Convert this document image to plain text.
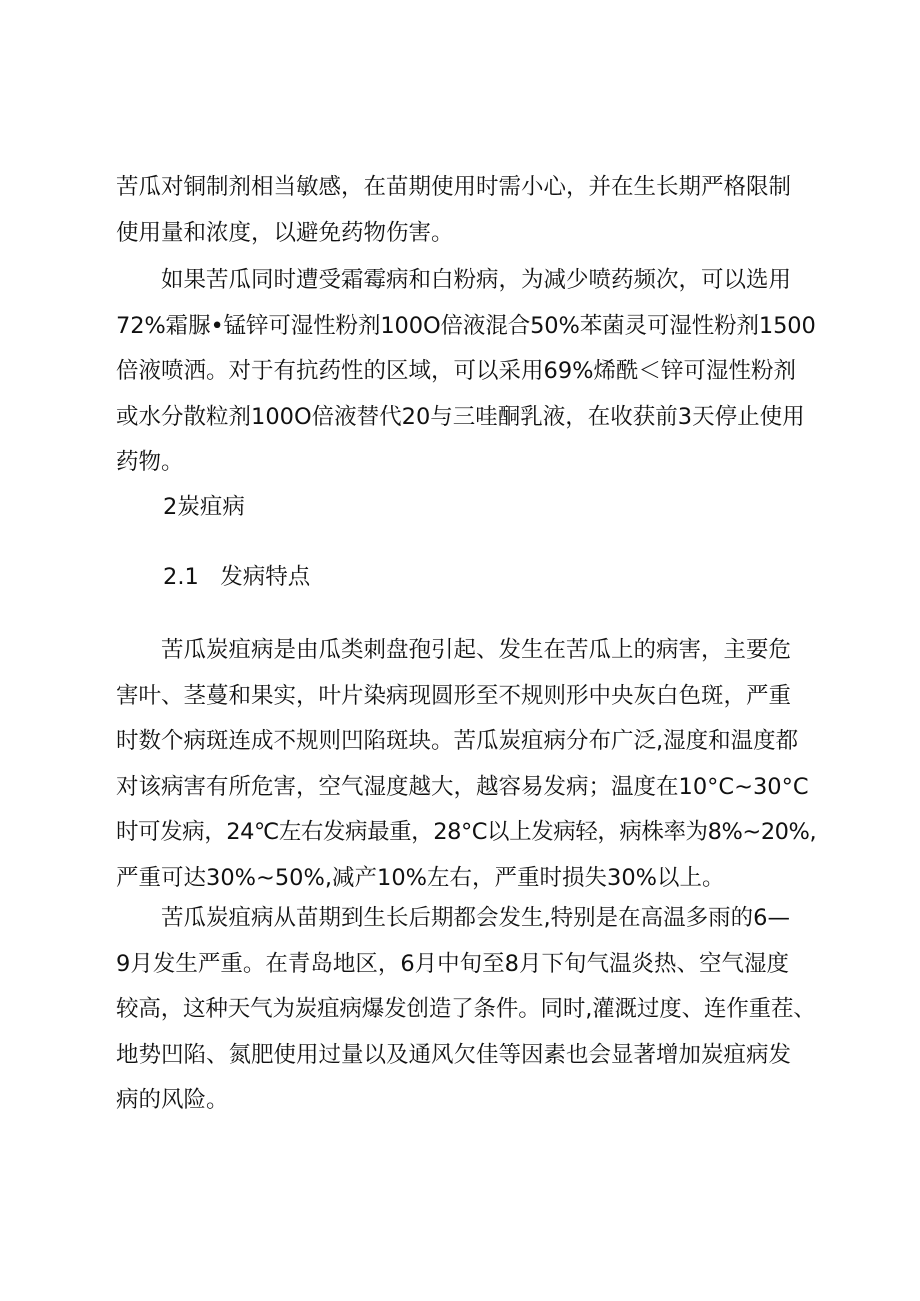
苦瓜对铜制剂相当敏感，在苗期使用时需小心，并在生长期严格限制
使用量和浓度，以避免药物伤害。
　　如果苦瓜同时遭受霜霉病和白粉病，为减少喷药频次，可以选用
72%霜脲•锰锌可湿性粉剂100O倍液混合50%苯菌灵可湿性粉剂1500
倍液喷洒。对于有抗药性的区域，可以采用69%烯酰＜锌可湿性粉剂
或水分散粒剂100O倍液替代20与三哇酮乳液，在收获前3天停止使用
药物。
2炭疽病
2.1   发病特点
　　苦瓜炭疽病是由瓜类刺盘孢引起、发生在苦瓜上的病害，主要危
害叶、茎蔓和果实，叶片染病现圆形至不规则形中央灰白色斑，严重
时数个病斑连成不规则凹陷斑块。苦瓜炭疽病分布广泛,湿度和温度都
对该病害有所危害，空气湿度越大，越容易发病；温度在10°C~30°C
时可发病，24℃左右发病最重，28°C以上发病轻，病株率为8%~20%,
严重可达30%~50%,减产10%左右，严重时损失30%以上。
　　苦瓜炭疽病从苗期到生长后期都会发生,特别是在高温多雨的6—
9月发生严重。在青岛地区，6月中旬至8月下旬气温炎热、空气湿度
较高，这种天气为炭疽病爆发创造了条件。同时,灌溉过度、连作重茬、
地势凹陷、氮肥使用过量以及通风欠佳等因素也会显著增加炭疽病发
病的风险。
